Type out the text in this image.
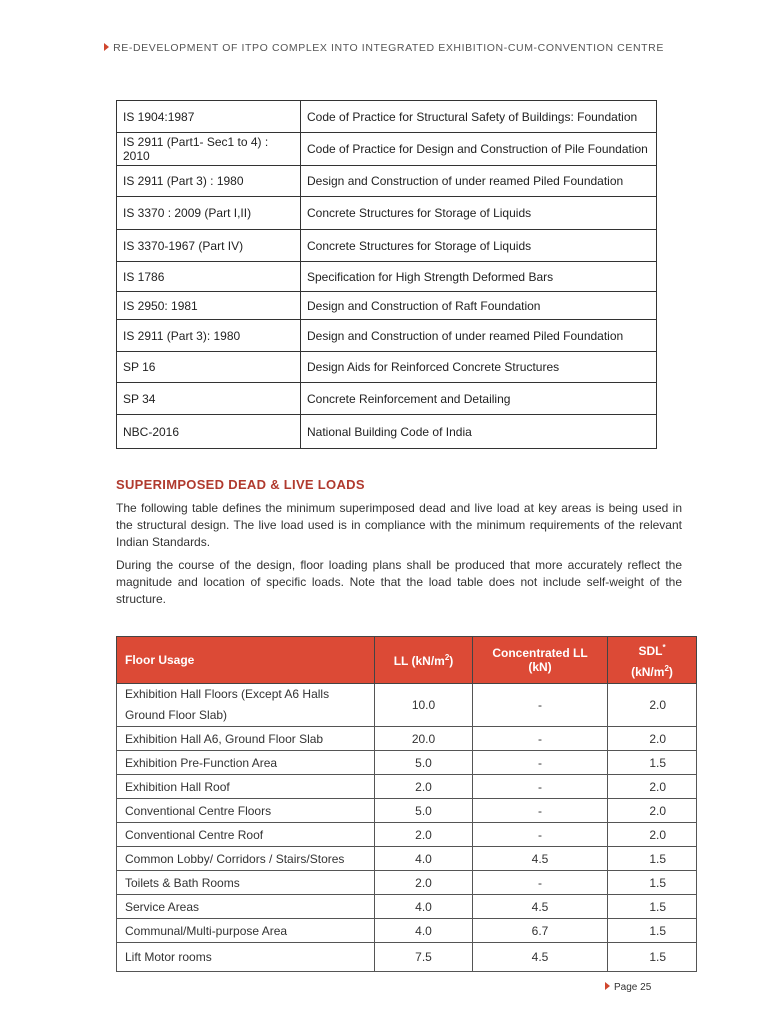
RE-DEVELOPMENT OF ITPO COMPLEX INTO INTEGRATED EXHIBITION-CUM-CONVENTION CENTRE
IS 1904:1987	Code of Practice for Structural Safety of Buildings: Foundation
IS 2911 (Part1- Sec1 to 4) : 2010	Code of Practice for Design and Construction of Pile Foundation
IS 2911 (Part 3) : 1980	Design and Construction of under reamed Piled Foundation
IS 3370 : 2009 (Part I,II)	Concrete Structures for Storage of Liquids
IS 3370-1967 (Part IV)	Concrete Structures for Storage of Liquids
IS 1786	Specification for High Strength Deformed Bars
IS 2950: 1981	Design and Construction of Raft Foundation
IS 2911 (Part 3): 1980	Design and Construction of under reamed Piled Foundation
SP 16	Design Aids for Reinforced Concrete Structures
SP 34	Concrete Reinforcement and Detailing
NBC-2016	National Building Code of India
SUPERIMPOSED DEAD & LIVE LOADS

The following table defines the minimum superimposed dead and live load at key areas is being used in the structural design. The live load used is in compliance with the minimum requirements of the relevant Indian Standards.

During the course of the design, floor loading plans shall be produced that more accurately reflect the magnitude and location of specific loads. Note that the load table does not include self-weight of the structure.

Floor Usage	LL $(kN/m^2)$	Concentrated LL (kN)	SDL*
$(kN/m^2)$

Exhibition Hall Floors (Except A6 Halls Ground Floor Slab)	10.0	-	2.0
Exhibition Hall A6, Ground Floor Slab	20.0	-	2.0
Exhibition Pre-Function Area	5.0	-	1.5
Exhibition Hall Roof	2.0	-	2.0
Conventional Centre Floors	5.0	-	2.0
Conventional Centre Roof	2.0	-	2.0
Common Lobby/ Corridors / Stairs/Stores	4.0	4.5	1.5
Toilets & Bath Rooms	2.0	-	1.5
Service Areas	4.0	4.5	1.5
Communal/Multi-purpose Area	4.0	6.7	1.5
Lift Motor rooms	7.5	4.5	1.5
Page 25
